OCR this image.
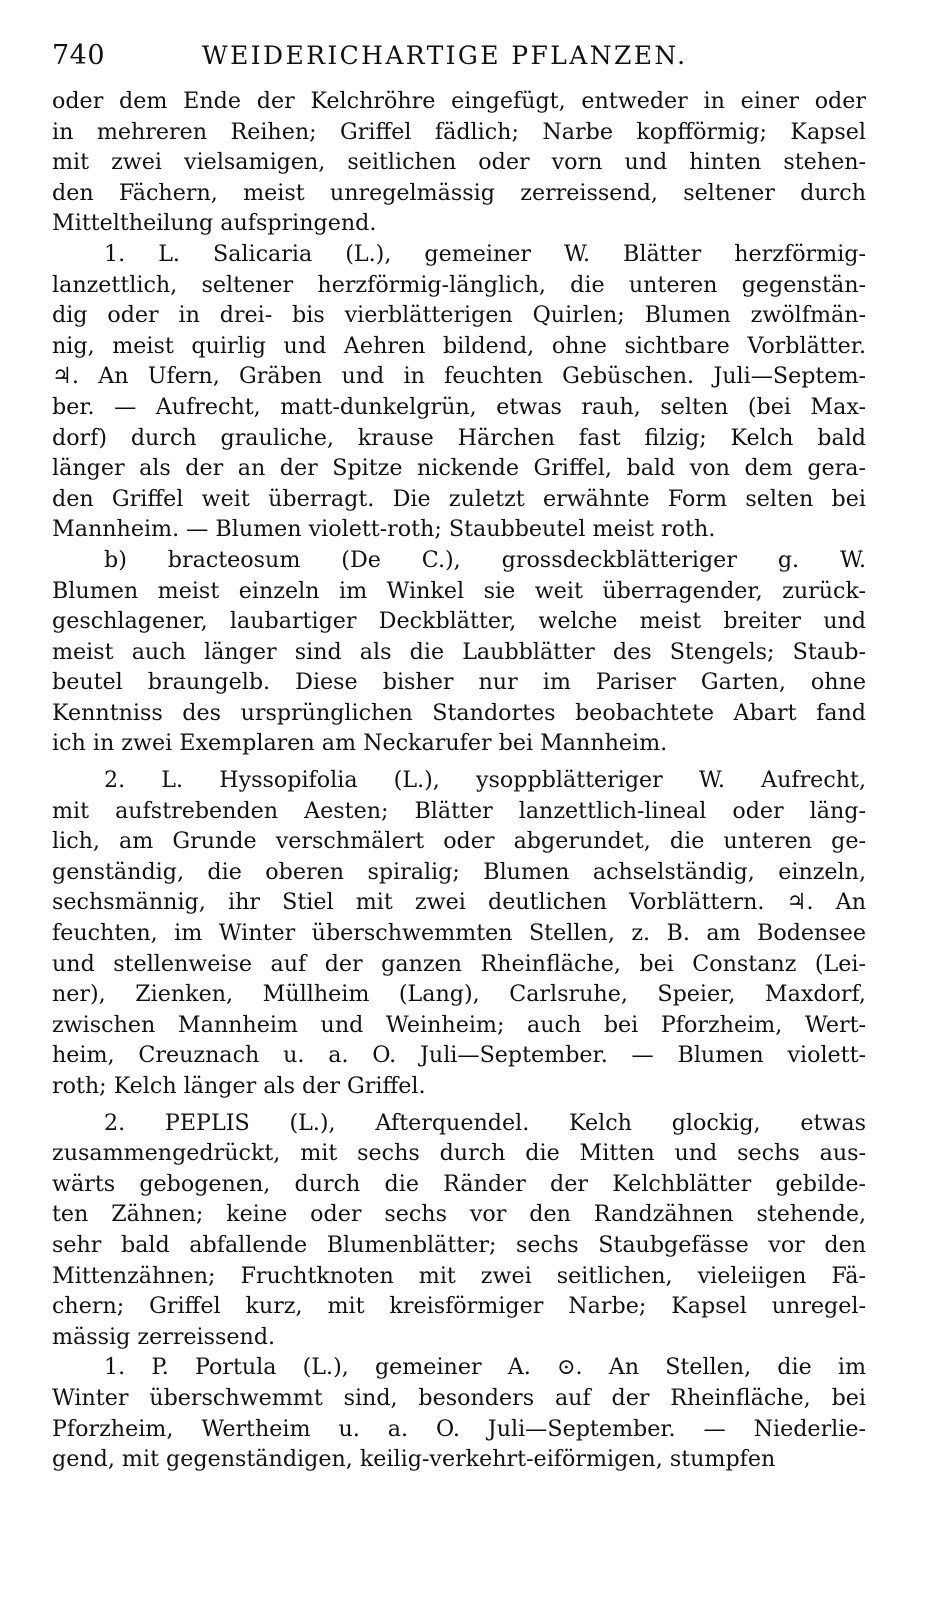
740	WEIDERICHARTIGE PFLANZEN.
oder dem Ende der Kelchröhre eingefügt, entweder in einer oder
in mehreren Reihen; Griffel fädlich; Narbe kopfförmig; Kapsel
mit zwei vielsamigen, seitlichen oder vorn und hinten stehen-
den Fächern, meist unregelmässig zerreissend, seltener durch
Mitteltheilung aufspringend.
1. L. Salicaria (L.), gemeiner W. Blätter herzförmig-
lanzettlich, seltener herzförmig-länglich, die unteren gegenstän-
dig oder in drei- bis vierblätterigen Quirlen; Blumen zwölfmän-
nig, meist quirlig und Aehren bildend, ohne sichtbare Vorblätter.
♃. An Ufern, Gräben und in feuchten Gebüschen. Juli—Septem-
ber. — Aufrecht, matt-dunkelgrün, etwas rauh, selten (bei Max-
dorf) durch grauliche, krause Härchen fast filzig; Kelch bald
länger als der an der Spitze nickende Griffel, bald von dem gera-
den Griffel weit überragt. Die zuletzt erwähnte Form selten bei
Mannheim. — Blumen violett-roth; Staubbeutel meist roth.
b) bracteosum (De C.), grossdeckblätteriger g. W.
Blumen meist einzeln im Winkel sie weit überragender, zurück-
geschlagener, laubartiger Deckblätter, welche meist breiter und
meist auch länger sind als die Laubblätter des Stengels; Staub-
beutel braungelb. Diese bisher nur im Pariser Garten, ohne
Kenntniss des ursprünglichen Standortes beobachtete Abart fand
ich in zwei Exemplaren am Neckarufer bei Mannheim.
2. L. Hyssopifolia (L.), ysoppblätteriger W. Aufrecht,
mit aufstrebenden Aesten; Blätter lanzettlich-lineal oder läng-
lich, am Grunde verschmälert oder abgerundet, die unteren ge-
genständig, die oberen spiralig; Blumen achselständig, einzeln,
sechsmännig, ihr Stiel mit zwei deutlichen Vorblättern. ♃. An
feuchten, im Winter überschwemmten Stellen, z. B. am Bodensee
und stellenweise auf der ganzen Rheinfläche, bei Constanz (Lei-
ner), Zienken, Müllheim (Lang), Carlsruhe, Speier, Maxdorf,
zwischen Mannheim und Weinheim; auch bei Pforzheim, Wert-
heim, Creuznach u. a. O. Juli—September. — Blumen violett-
roth; Kelch länger als der Griffel.
2. PEPLIS (L.), Afterquendel. Kelch glockig, etwas
zusammengedrückt, mit sechs durch die Mitten und sechs aus-
wärts gebogenen, durch die Ränder der Kelchblätter gebilde-
ten Zähnen; keine oder sechs vor den Randzähnen stehende,
sehr bald abfallende Blumenblätter; sechs Staubgefässe vor den
Mittenzähnen; Fruchtknoten mit zwei seitlichen, vieleiigen Fä-
chern; Griffel kurz, mit kreisförmiger Narbe; Kapsel unregel-
mässig zerreissend.
1. P. Portula (L.), gemeiner A. ⊙. An Stellen, die im
Winter überschwemmt sind, besonders auf der Rheinfläche, bei
Pforzheim, Wertheim u. a. O. Juli—September. — Niederlie-
gend, mit gegenständigen, keilig-verkehrt-eiförmigen, stumpfen
